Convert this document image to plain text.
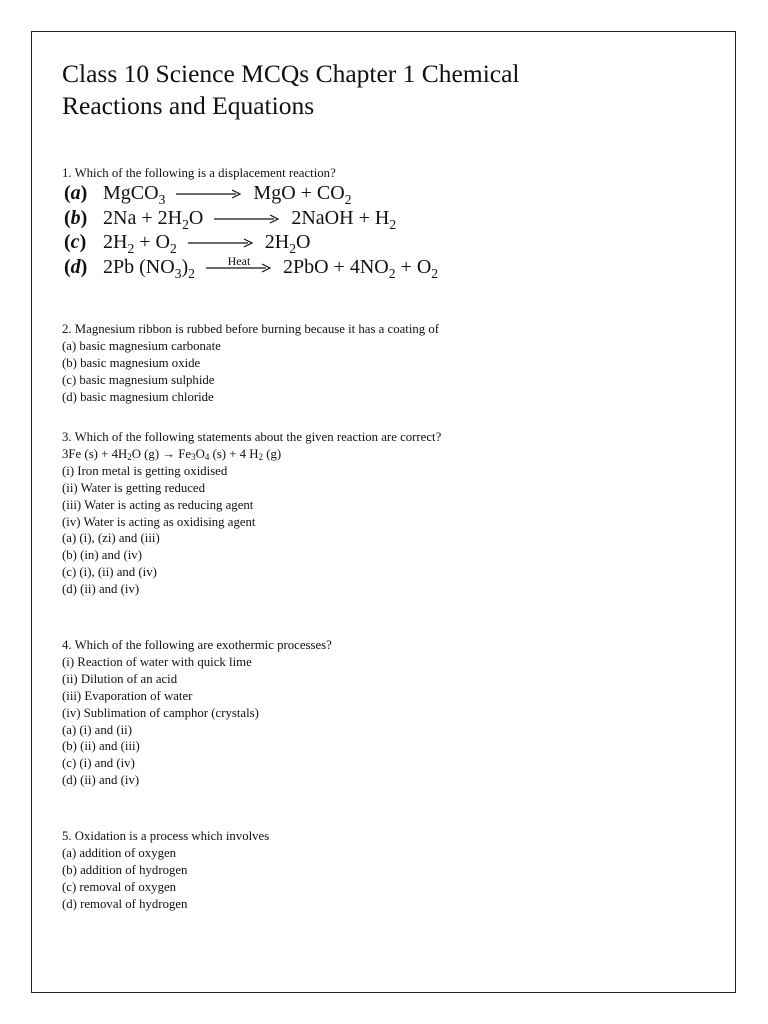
Class 10 Science MCQs Chapter 1 Chemical Reactions and Equations
1. Which of the following is a displacement reaction?
(a) MgCO$_3$ → MgO + $CO_2$
(b) $2Na + 2H_2O$ → 2NaOH + $H_2$
(c) $2H_2 + O_2 \to 2H_2O$
(d) 2Pb $(NO_3)_2$
Heat	$2PbO + 4NO_2 + O_2$
2. Magnesium ribbon is rubbed before burning because it has a coating of
(a) basic magnesium carbonate
(b) basic magnesium oxide
(c) basic magnesium sulphide
(d) basic magnesium chloride
3. Which of the following statements about the given reaction are correct?
3Fe $(s) + 4H_2O$ $(g) \to Fe_3O_4$ (s) + 4 $H_2$ (g)
(i) Iron metal is getting oxidised
(ii) Water is getting reduced
(iii) Water is acting as reducing agent
(iv) Water is acting as oxidising agent
(a) (i), (zi) and (iii)
(b) (in) and (iv)
(c) (i), (ii) and (iv)
(d) (ii) and (iv)
4. Which of the following are exothermic processes?
(i) Reaction of water with quick lime
(ii) Dilution of an acid
(iii) Evaporation of water
(iv) Sublimation of camphor (crystals)
(a) (i) and (ii)
(b) (ii) and (iii)
(c) (i) and (iv)
(d) (ii) and (iv)
5. Oxidation is a process which involves
(a) addition of oxygen
(b) addition of hydrogen
(c) removal of oxygen
(d) removal of hydrogen
